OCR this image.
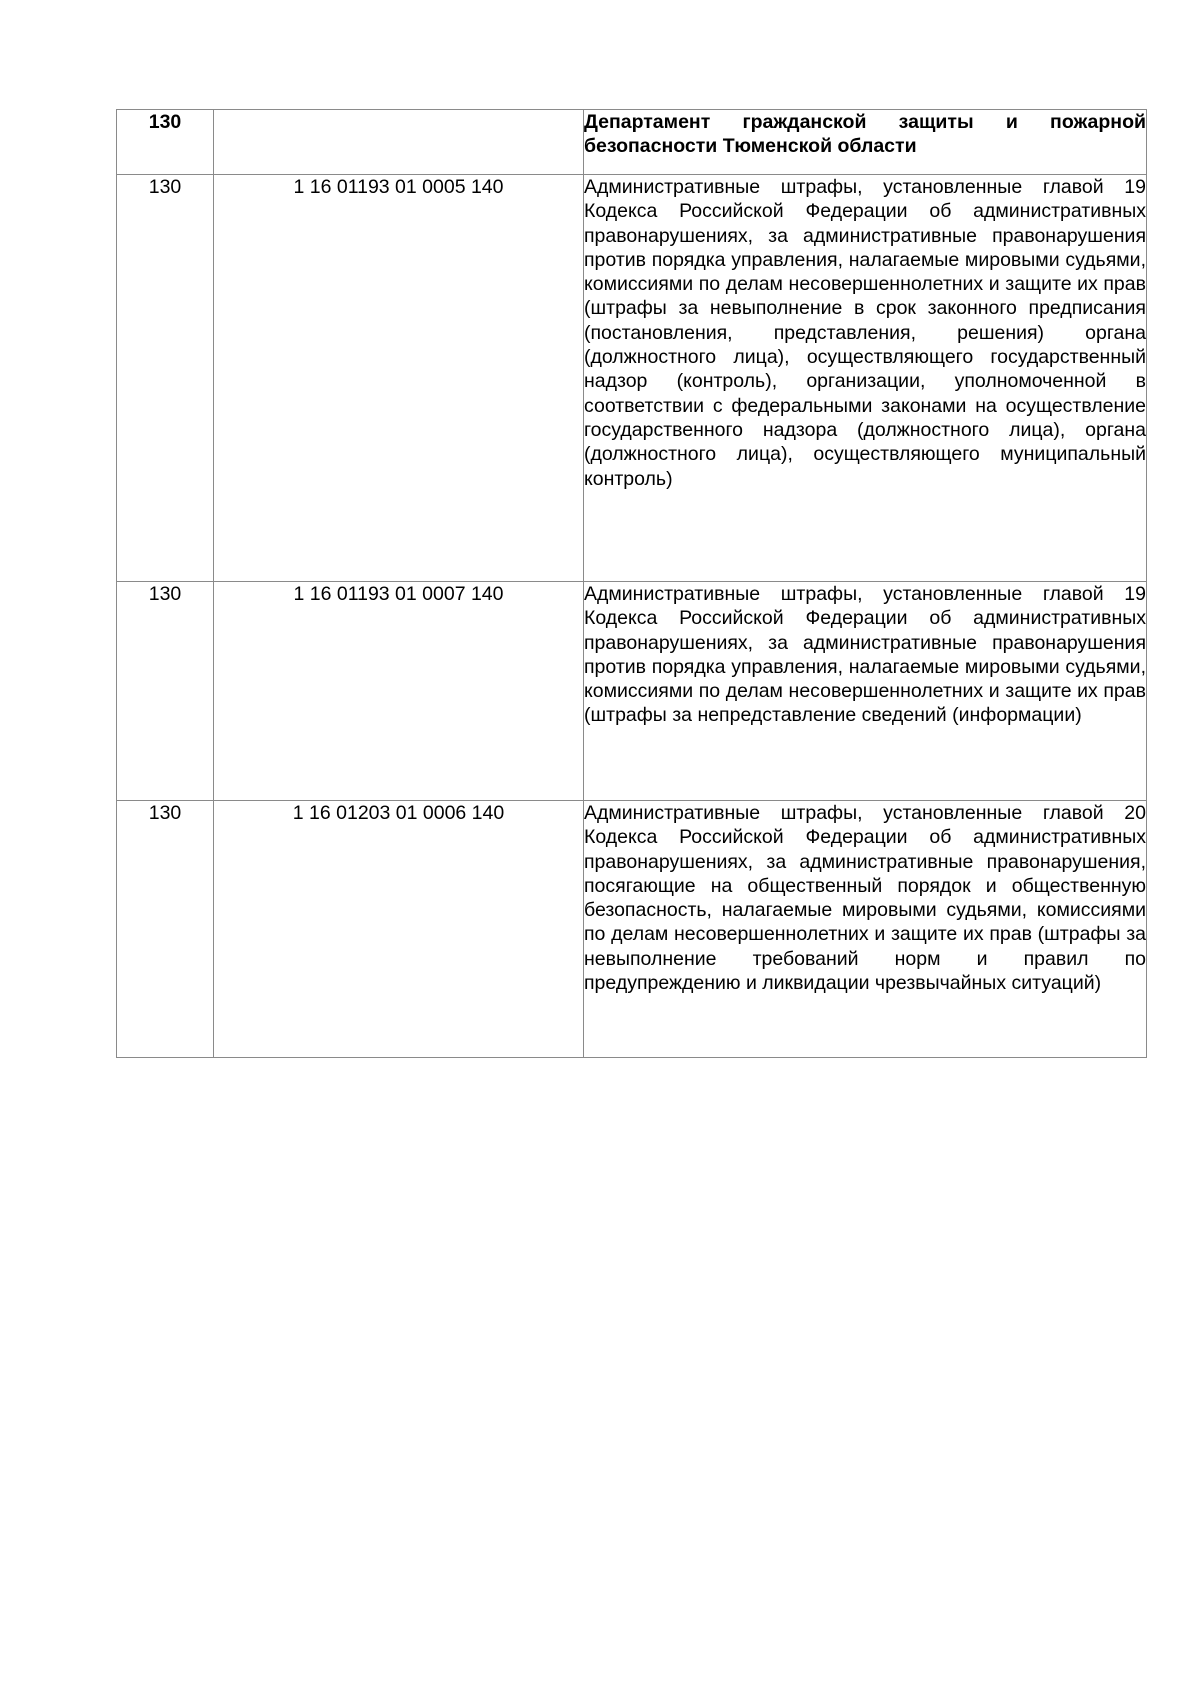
130		Департамент гражданской защиты и пожарной безопасности Тюменской области
130	1 16 01193 01 0005 140	Административные штрафы, установленные главой 19 Кодекса Российской Федерации об административных правонарушениях, за административные правонарушения против порядка управления, налагаемые мировыми судьями, комиссиями по делам несовершеннолетних и защите их прав (штрафы за невыполнение в срок законного предписания (постановления, представления, решения) органа (должностного лица), осуществляющего государственный надзор (контроль), организации, уполномоченной в соответствии с федеральными законами на осуществление государственного надзора (должностного лица), органа (должностного лица), осуществляющего муниципальный контроль)
130	1 16 01193 01 0007 140	Административные штрафы, установленные главой 19 Кодекса Российской Федерации об административных правонарушениях, за административные правонарушения против порядка управления, налагаемые мировыми судьями, комиссиями по делам несовершеннолетних и защите их прав (штрафы за непредставление сведений (информации)
130	1 16 01203 01 0006 140	Административные штрафы, установленные главой 20 Кодекса Российской Федерации об административных правонарушениях, за административные правонарушения, посягающие на общественный порядок и общественную безопасность, налагаемые мировыми судьями, комиссиями по делам несовершеннолетних и защите их прав (штрафы за невыполнение требований норм и правил по предупреждению и ликвидации чрезвычайных ситуаций)
